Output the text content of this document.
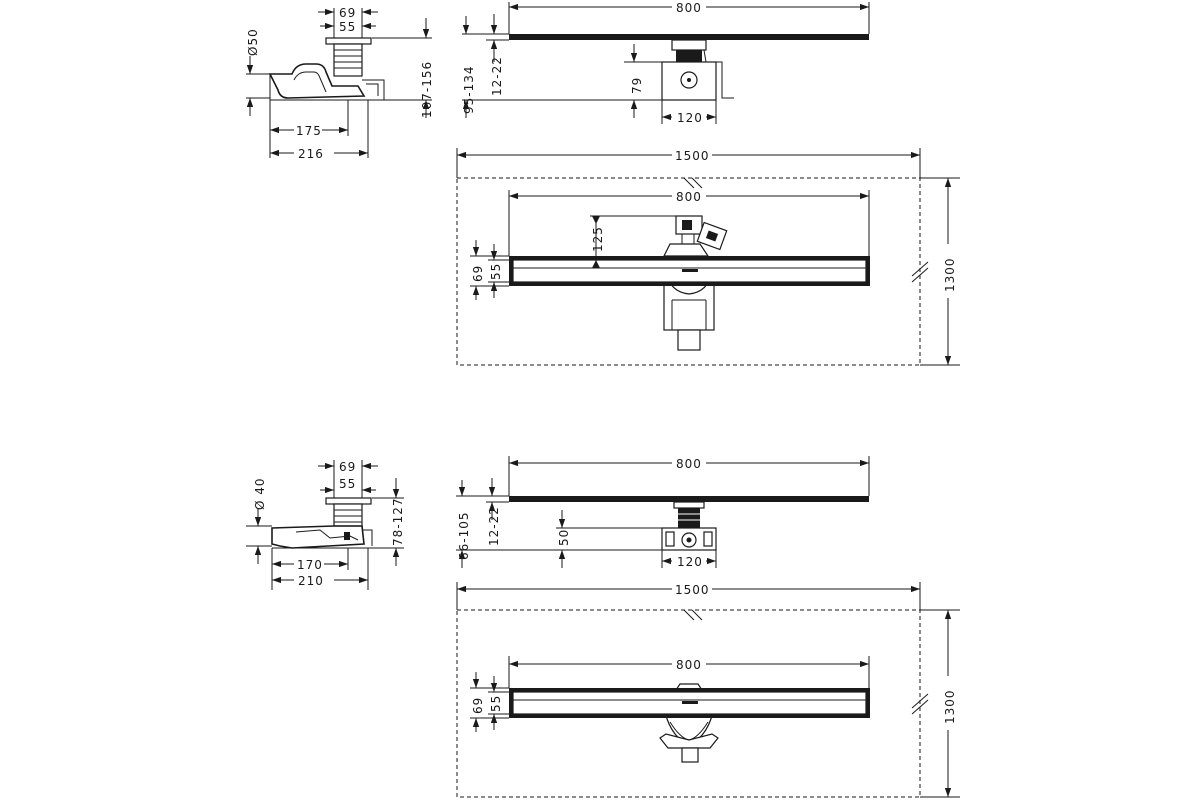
69
55
107-156
Ø50
175
216
800
95-134 12-22	79
120
1500
800
125
69 55	1300
69
55
78-127
Ø 40
170
210
800
66-105 12-22	50
120
1500
800
69 55	1300
